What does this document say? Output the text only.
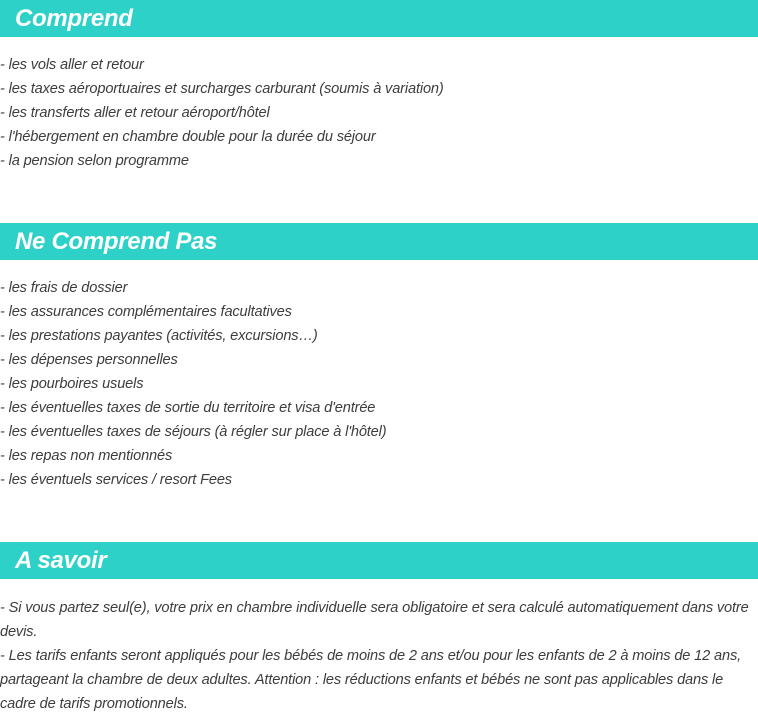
Comprend
- les vols aller et retour
- les taxes aéroportuaires et surcharges carburant (soumis à variation)
- les transferts aller et retour aéroport/hôtel
- l'hébergement en chambre double pour la durée du séjour
- la pension selon programme
Ne Comprend Pas
- les frais de dossier
- les assurances complémentaires facultatives
- les prestations payantes (activités, excursions…)
- les dépenses personnelles
- les pourboires usuels
- les éventuelles taxes de sortie du territoire et visa d'entrée
- les éventuelles taxes de séjours (à régler sur place à l'hôtel)
- les repas non mentionnés
- les éventuels services / resort Fees
A savoir

- Si vous partez seul(e), votre prix en chambre individuelle sera obligatoire et sera calculé automatiquement dans votre devis.

- Les tarifs enfants seront appliqués pour les bébés de moins de 2 ans et/ou pour les enfants de 2 à moins de 12 ans, partageant la chambre de deux adultes. Attention : les réductions enfants et bébés ne sont pas applicables dans le cadre de tarifs promotionnels.
